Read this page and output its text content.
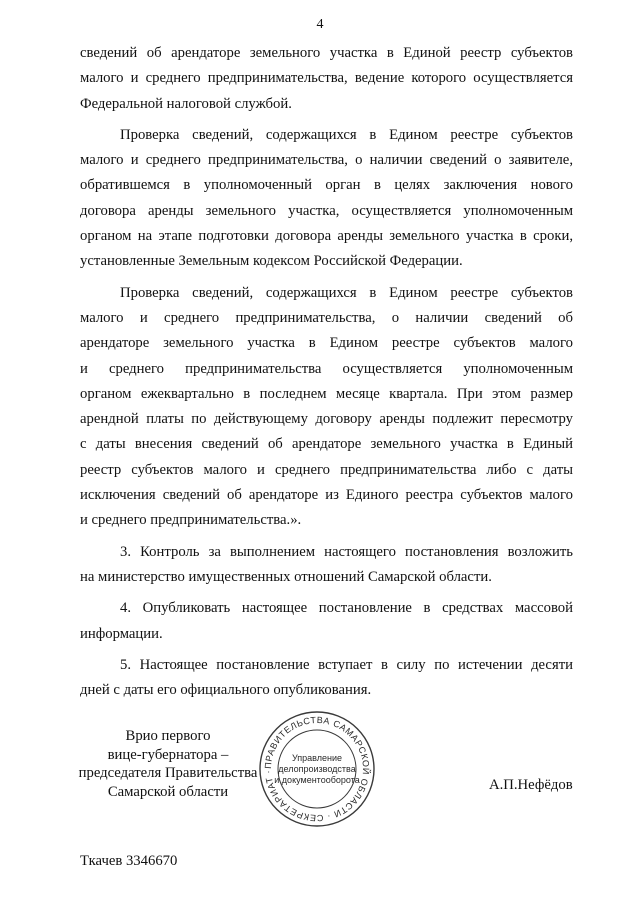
4
сведений об арендаторе земельного участка в Единой реестр субъектов
малого и среднего предпринимательства, ведение которого осуществляется
Федеральной налоговой службой.
Проверка сведений, содержащихся в Едином реестре субъектов
малого и среднего предпринимательства, о наличии сведений о заявителе,
обратившемся в уполномоченный орган в целях заключения нового
договора аренды земельного участка, осуществляется уполномоченным
органом на этапе подготовки договора аренды земельного участка в сроки,
установленные Земельным кодексом Российской Федерации.
Проверка сведений, содержащихся в Едином реестре субъектов
малого и среднего предпринимательства, о наличии сведений об
арендаторе земельного участка в Едином реестре субъектов малого
и среднего предпринимательства осуществляется уполномоченным
органом ежеквартально в последнем месяце квартала. При этом размер
арендной платы по действующему договору аренды подлежит пересмотру
с даты внесения сведений об арендаторе земельного участка в Единый
реестр субъектов малого и среднего предпринимательства либо с даты
исключения сведений об арендаторе из Единого реестра субъектов малого
и среднего предпринимательства.».
3. Контроль за выполнением настоящего постановления возложить
на министерство имущественных отношений Самарской области.
4. Опубликовать настоящее постановление в средствах массовой
информации.
5. Настоящее постановление вступает в силу по истечении десяти
дней с даты его официального опубликования.
Врио первого
вице-губернатора –
председателя Правительства
Самарской области
ПРАВИТЕЛЬСТВА САМАРСКОЙ ОБЛАСТИ · СЕКРЕТАРИАТ ·
Управление
делопроизводства
и документооборота	А.П.Нефёдов
Ткачев 3346670
